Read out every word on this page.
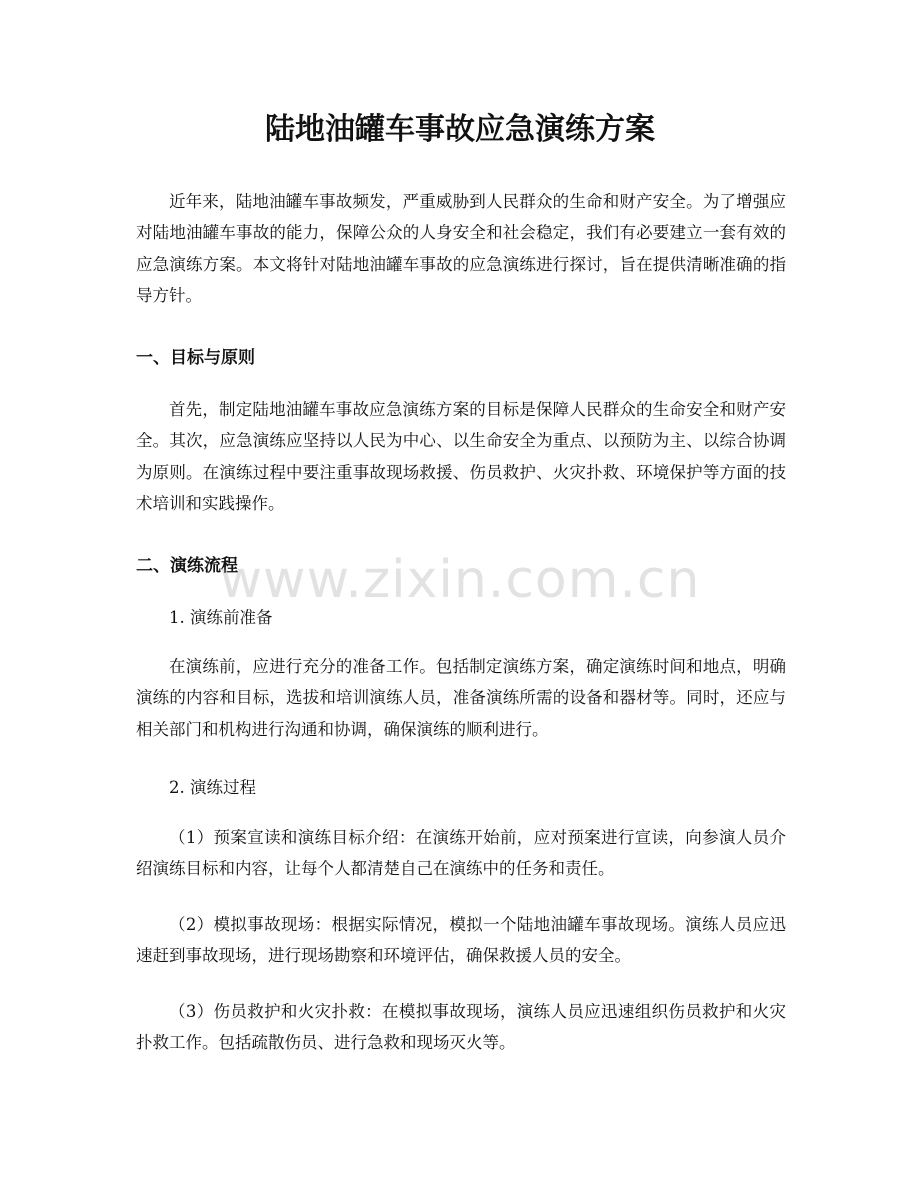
陆地油罐车事故应急演练方案

近年来，陆地油罐车事故频发，严重威胁到人民群众的生命和财产安全。为了增强应对陆地油罐车事故的能力，保障公众的人身安全和社会稳定，我们有必要建立一套有效的应急演练方案。本文将针对陆地油罐车事故的应急演练进行探讨，旨在提供清晰准确的指导方针。

一、目标与原则

首先，制定陆地油罐车事故应急演练方案的目标是保障人民群众的生命安全和财产安全。其次，应急演练应坚持以人民为中心、以生命安全为重点、以预防为主、以综合协调为原则。在演练过程中要注重事故现场救援、伤员救护、火灾扑救、环境保护等方面的技术培训和实践操作。

二、演练流程

1. 演练前准备

在演练前，应进行充分的准备工作。包括制定演练方案，确定演练时间和地点，明确演练的内容和目标，选拔和培训演练人员，准备演练所需的设备和器材等。同时，还应与相关部门和机构进行沟通和协调，确保演练的顺利进行。

2. 演练过程

（1）预案宣读和演练目标介绍：在演练开始前，应对预案进行宣读，向参演人员介绍演练目标和内容，让每个人都清楚自己在演练中的任务和责任。

（2）模拟事故现场：根据实际情况，模拟一个陆地油罐车事故现场。演练人员应迅速赶到事故现场，进行现场勘察和环境评估，确保救援人员的安全。

（3）伤员救护和火灾扑救：在模拟事故现场，演练人员应迅速组织伤员救护和火灾扑救工作。包括疏散伤员、进行急救和现场灭火等。

www.zixin.com.cn
